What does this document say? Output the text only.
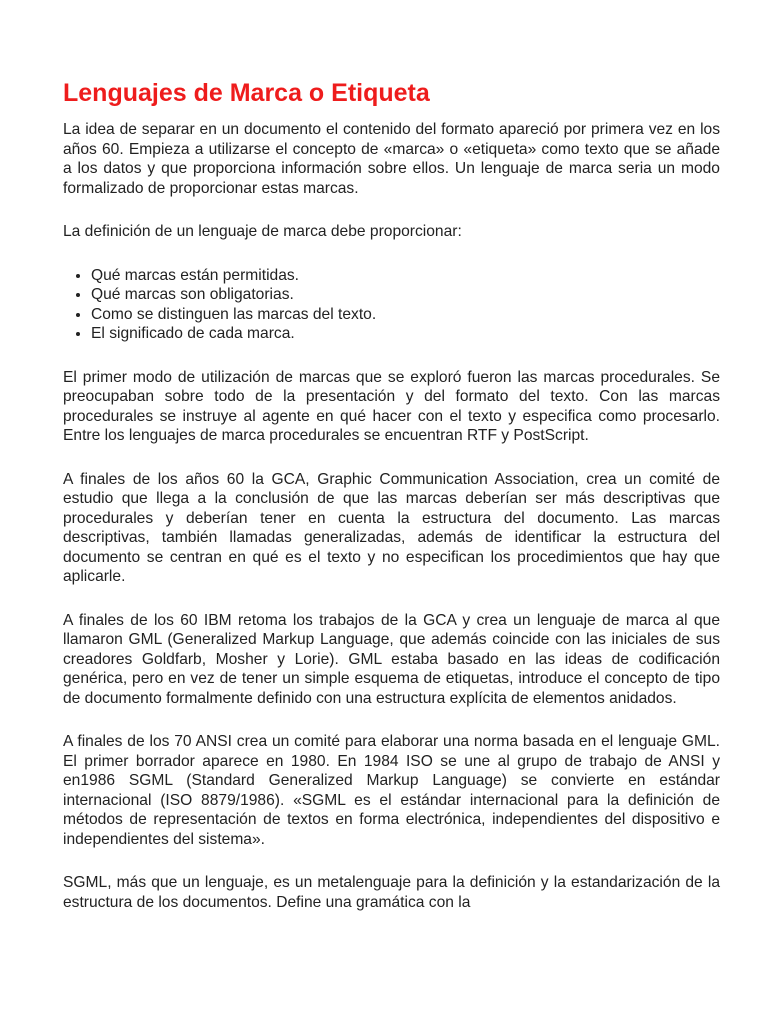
Lenguajes de Marca o Etiqueta

La idea de separar en un documento el contenido del formato apareció por primera vez en los años 60. Empieza a utilizarse el concepto de «marca» o «etiqueta» como texto que se añade a los datos y que proporciona información sobre ellos. Un lenguaje de marca seria un modo formalizado de proporcionar estas marcas.

La definición de un lenguaje de marca debe proporcionar:

• Qué marcas están permitidas.
• Qué marcas son obligatorias.
• Como se distinguen las marcas del texto.
• El significado de cada marca.

El primer modo de utilización de marcas que se exploró fueron las marcas procedurales. Se preocupaban sobre todo de la presentación y del formato del texto. Con las marcas procedurales se instruye al agente en qué hacer con el texto y especifica como procesarlo. Entre los lenguajes de marca procedurales se encuentran RTF y PostScript.

A finales de los años 60 la GCA, Graphic Communication Association, crea un comité de estudio que llega a la conclusión de que las marcas deberían ser más descriptivas que procedurales y deberían tener en cuenta la estructura del documento. Las marcas descriptivas, también llamadas generalizadas, además de identificar la estructura del documento se centran en qué es el texto y no especifican los procedimientos que hay que aplicarle.

A finales de los 60 IBM retoma los trabajos de la GCA y crea un lenguaje de marca al que llamaron GML (Generalized Markup Language, que además coincide con las iniciales de sus creadores Goldfarb, Mosher y Lorie). GML estaba basado en las ideas de codificación genérica, pero en vez de tener un simple esquema de etiquetas, introduce el concepto de tipo de documento formalmente definido con una estructura explícita de elementos anidados.

A finales de los 70 ANSI crea un comité para elaborar una norma basada en el lenguaje GML. El primer borrador aparece en 1980. En 1984 ISO se une al grupo de trabajo de ANSI y en1986 SGML (Standard Generalized Markup Language) se convierte en estándar internacional (ISO 8879/1986). «SGML es el estándar internacional para la definición de métodos de representación de textos en forma electrónica, independientes del dispositivo e independientes del sistema».

SGML, más que un lenguaje, es un metalenguaje para la definición y la estandarización de la estructura de los documentos. Define una gramática con la
